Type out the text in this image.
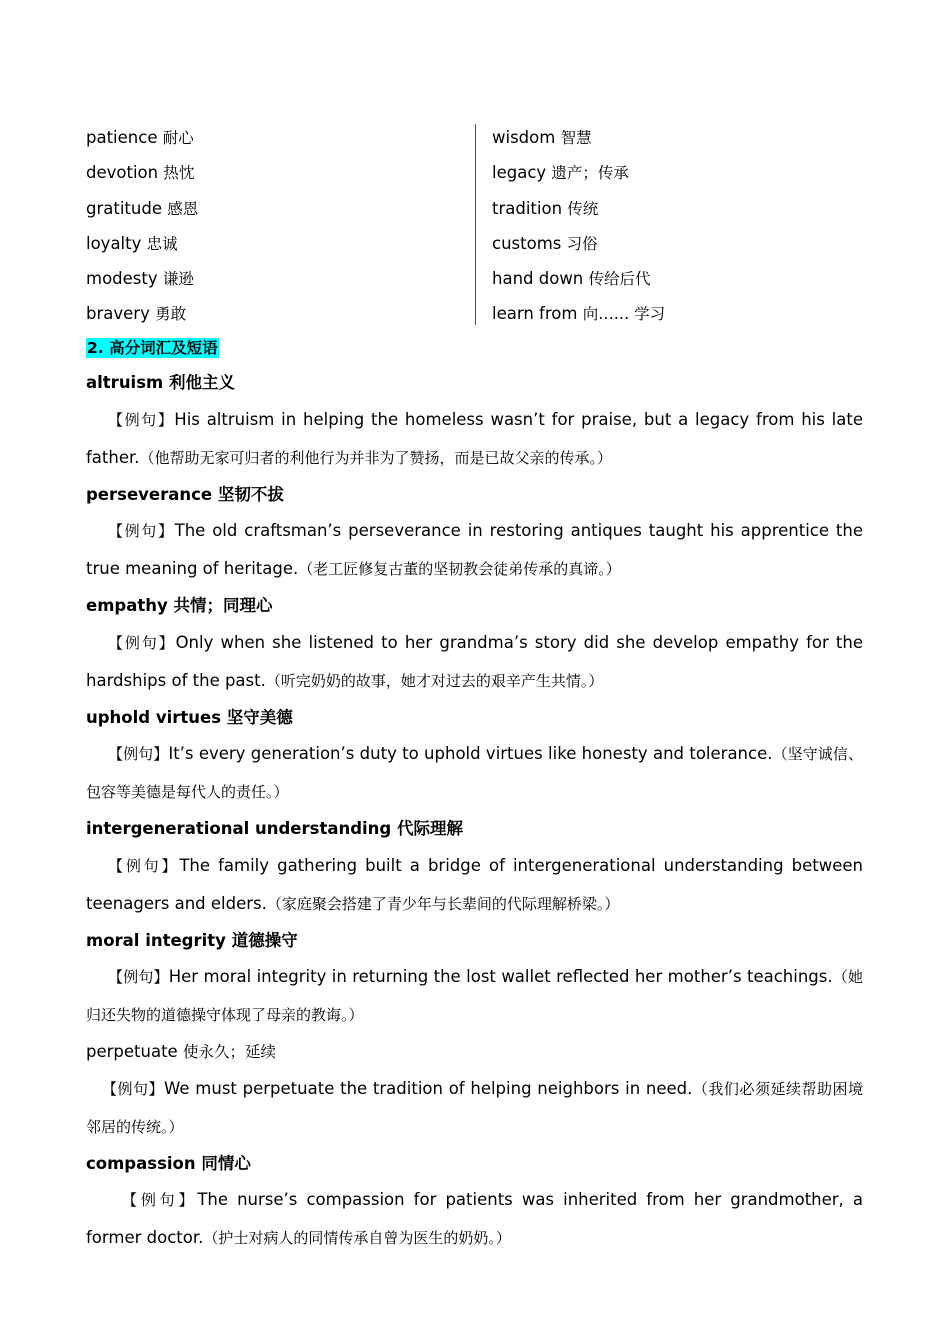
patience 耐心
devotion 热忱
gratitude 感恩
loyalty 忠诚
modesty 谦逊
bravery 勇敢
wisdom 智慧
legacy 遗产；传承
tradition 传统
customs 习俗
hand down 传给后代
learn from 向…… 学习
2. 高分词汇及短语
altruism 利他主义
【例句】His altruism in helping the homeless wasn’t for praise, but a legacy from his late father.（他帮助无家可归者的利他行为并非为了赞扬，而是已故父亲的传承。）
perseverance 坚韧不拔
【例句】The old craftsman’s perseverance in restoring antiques taught his apprentice the true meaning of heritage.（老工匠修复古董的坚韧教会徒弟传承的真谛。）
empathy 共情；同理心
【例句】Only when she listened to her grandma’s story did she develop empathy for the hardships of the past.（听完奶奶的故事，她才对过去的艰辛产生共情。）
uphold virtues 坚守美德
【例句】It’s every generation’s duty to uphold virtues like honesty and tolerance.（坚守诚信、包容等美德是每代人的责任。）
intergenerational understanding 代际理解
【例句】The family gathering built a bridge of intergenerational understanding between teenagers and elders.（家庭聚会搭建了青少年与长辈间的代际理解桥梁。）
moral integrity 道德操守
【例句】Her moral integrity in returning the lost wallet reflected her mother’s teachings.（她归还失物的道德操守体现了母亲的教诲。）
perpetuate 使永久；延续
【例句】We must perpetuate the tradition of helping neighbors in need.（我们必须延续帮助困境邻居的传统。）
compassion 同情心
【例句】The nurse’s compassion for patients was inherited from her grandmother, a former doctor.（护士对病人的同情传承自曾为医生的奶奶。）
